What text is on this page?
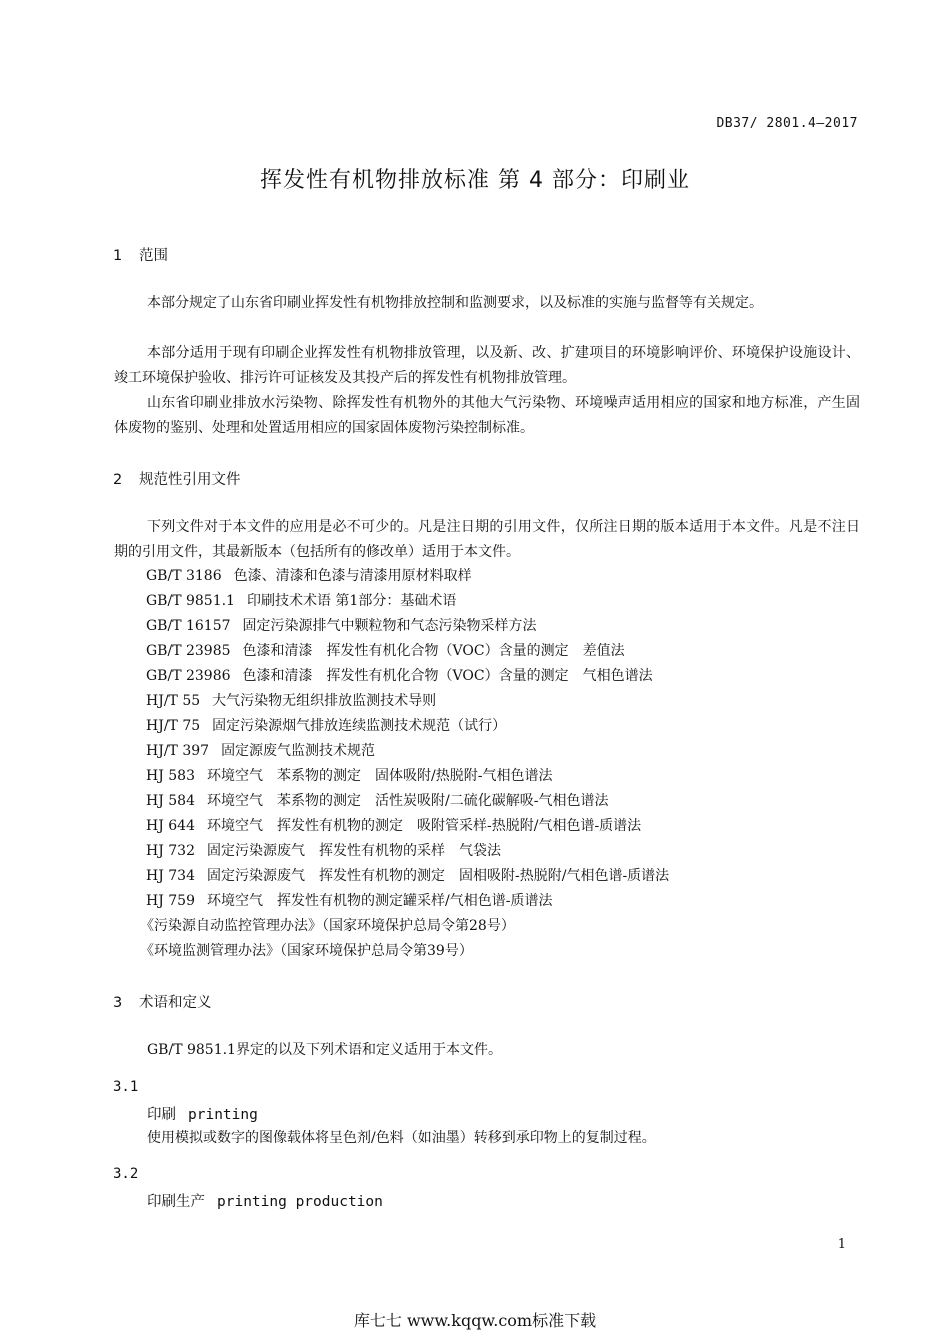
DB37/ 2801.4—2017
挥发性有机物排放标准 第 4 部分：印刷业
1 范围
本部分规定了山东省印刷业挥发性有机物排放控制和监测要求，以及标准的实施与监督等有关规定。
本部分适用于现有印刷企业挥发性有机物排放管理，以及新、改、扩建项目的环境影响评价、环境保护设施设计、竣工环境保护验收、排污许可证核发及其投产后的挥发性有机物排放管理。
山东省印刷业排放水污染物、除挥发性有机物外的其他大气污染物、环境噪声适用相应的国家和地方标准，产生固体废物的鉴别、处理和处置适用相应的国家固体废物污染控制标准。
2 规范性引用文件
下列文件对于本文件的应用是必不可少的。凡是注日期的引用文件，仅所注日期的版本适用于本文件。凡是不注日期的引用文件，其最新版本（包括所有的修改单）适用于本文件。
GB/T 3186 色漆、清漆和色漆与清漆用原材料取样
GB/T 9851.1 印刷技术术语 第1部分：基础术语
GB/T 16157 固定污染源排气中颗粒物和气态污染物采样方法
GB/T 23985 色漆和清漆　挥发性有机化合物（VOC）含量的测定　差值法
GB/T 23986 色漆和清漆　挥发性有机化合物（VOC）含量的测定　气相色谱法
HJ/T 55 大气污染物无组织排放监测技术导则
HJ/T 75 固定污染源烟气排放连续监测技术规范（试行）
HJ/T 397 固定源废气监测技术规范
HJ 583 环境空气　苯系物的测定　固体吸附/热脱附-气相色谱法
HJ 584 环境空气　苯系物的测定　活性炭吸附/二硫化碳解吸-气相色谱法
HJ 644 环境空气　挥发性有机物的测定　吸附管采样-热脱附/气相色谱-质谱法
HJ 732 固定污染源废气　挥发性有机物的采样　气袋法
HJ 734 固定污染源废气　挥发性有机物的测定　固相吸附-热脱附/气相色谱-质谱法
HJ 759 环境空气　挥发性有机物的测定罐采样/气相色谱-质谱法
《污染源自动监控管理办法》（国家环境保护总局令第28号）
《环境监测管理办法》（国家环境保护总局令第39号）
3 术语和定义
GB/T 9851.1界定的以及下列术语和定义适用于本文件。
3.1
印刷 printing
使用模拟或数字的图像载体将呈色剂/色料（如油墨）转移到承印物上的复制过程。
3.2
印刷生产 printing production
1
库七七 www.kqqw.com标准下载
